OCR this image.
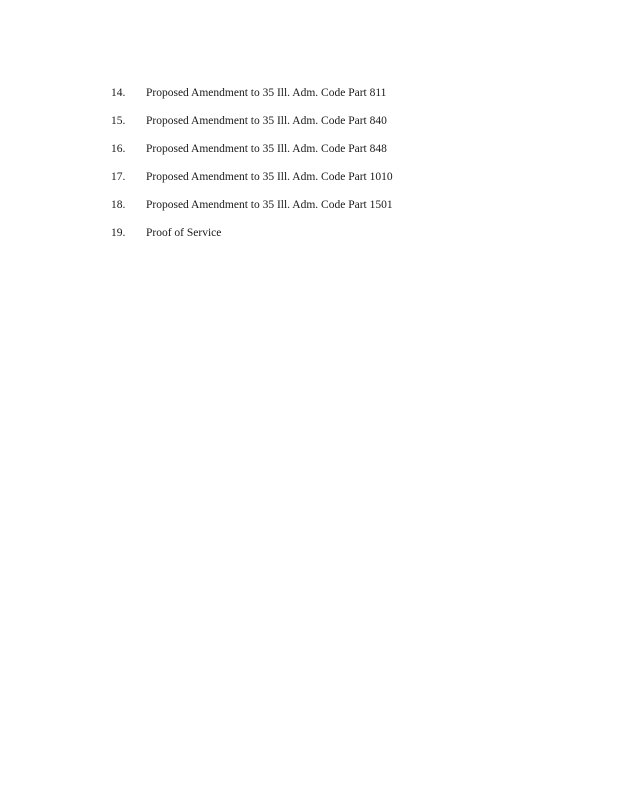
14.	Proposed Amendment to 35 Ill. Adm. Code Part 811
15.	Proposed Amendment to 35 Ill. Adm. Code Part 840
16.	Proposed Amendment to 35 Ill. Adm. Code Part 848
17.	Proposed Amendment to 35 Ill. Adm. Code Part 1010
18.	Proposed Amendment to 35 Ill. Adm. Code Part 1501
19.	Proof of Service
